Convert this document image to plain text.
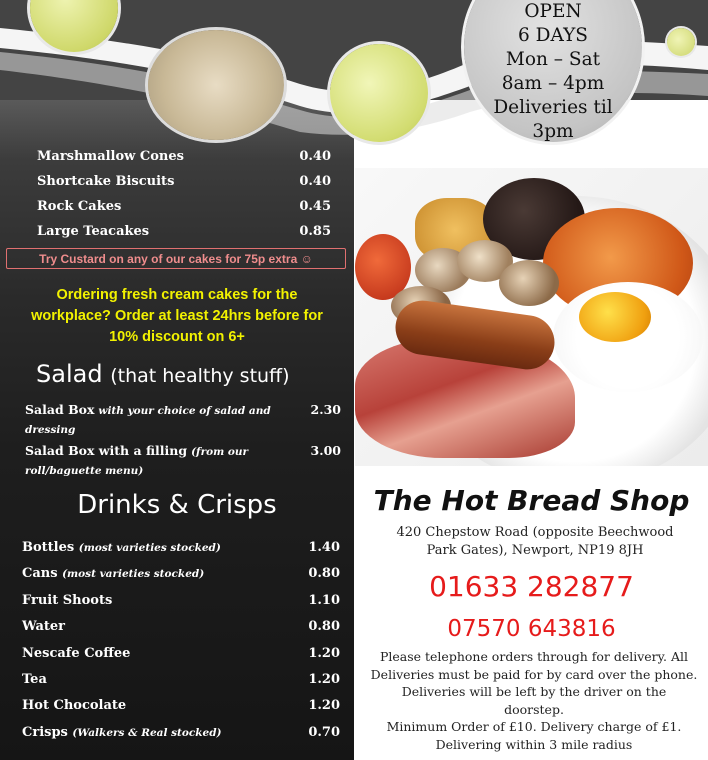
OPEN
6 DAYS
Mon – Sat
8am – 4pm
Deliveries til
3pm
Marshmallow Cones	0.40
Shortcake Biscuits	0.40
Rock Cakes	0.45
Large Teacakes	0.85
Try Custard on any of our cakes for 75p extra ☺
Ordering fresh cream cakes for the workplace? Order at least 24hrs before for 10% discount on 6+
Salad (that healthy stuff)
Salad Box with your choice of salad and dressing
2.30
Salad Box with a filling (from our roll/baguette menu)
3.00
Drinks & Crisps
Bottles (most varieties stocked)	1.40
Cans (most varieties stocked)	0.80
Fruit Shoots	1.10
Water	0.80
Nescafe Coffee	1.20
Tea	1.20
Hot Chocolate	1.20
Crisps (Walkers & Real stocked)	0.70
The Hot Bread Shop
420 Chepstow Road (opposite Beechwood Park Gates), Newport, NP19 8JH
01633 282877
07570 643816
Please telephone orders through for delivery. All Deliveries must be paid for by card over the phone. Deliveries will be left by the driver on the doorstep.
Minimum Order of £10. Delivery charge of £1. Delivering within 3 mile radius
